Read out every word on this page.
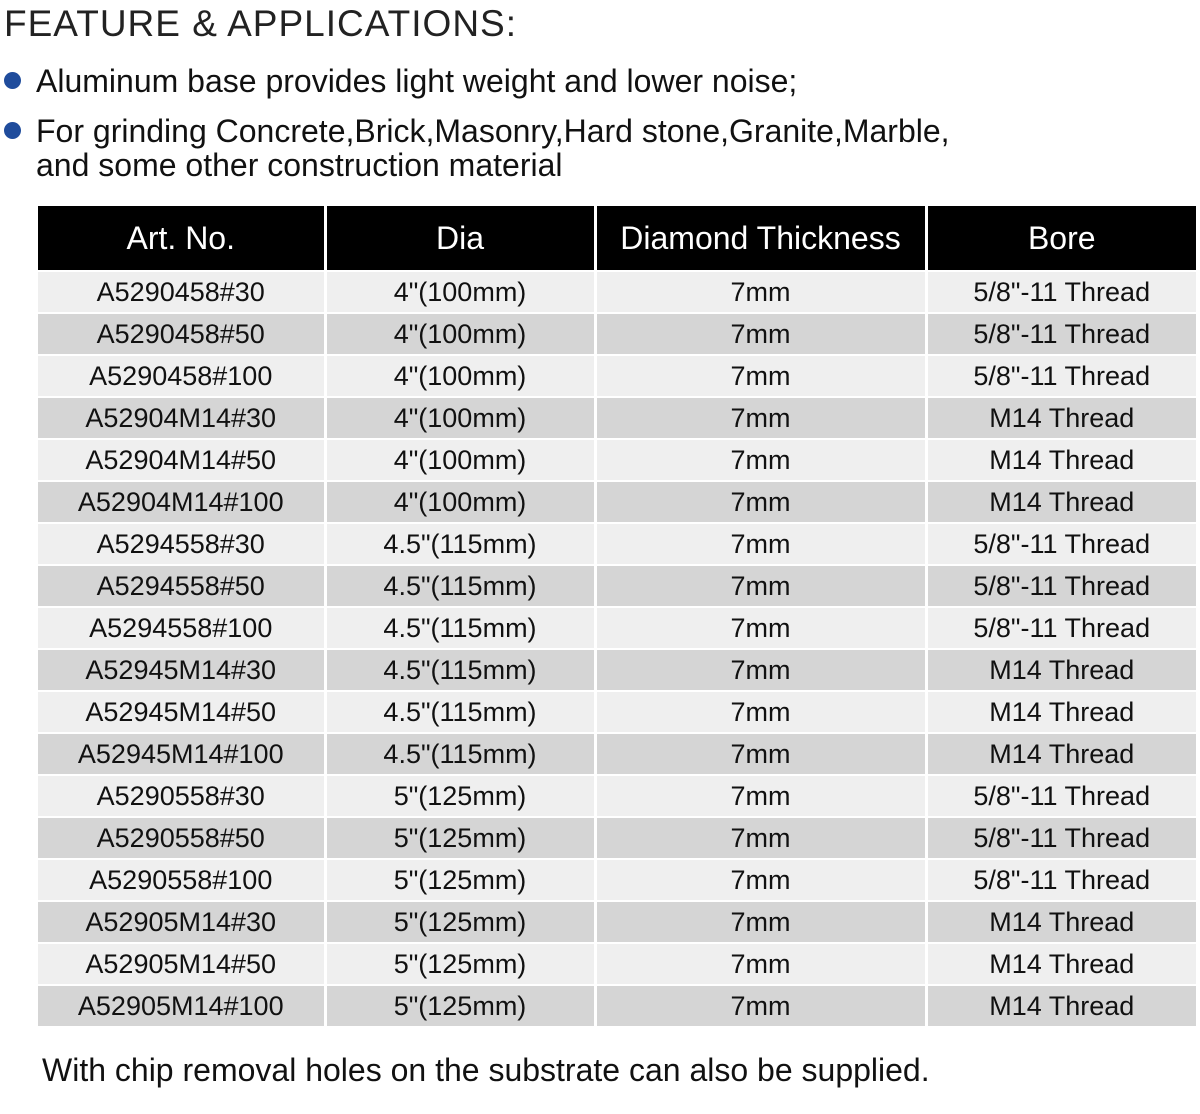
FEATURE & APPLICATIONS:
Aluminum base provides light weight and lower noise;
For grinding Concrete,Brick,Masonry,Hard stone,Granite,Marble,
and some other construction material
Art. No.	Dia	Diamond Thickness	Bore
A5290458#30	4"(100mm)	7mm	5/8"-11 Thread
A5290458#50	4"(100mm)	7mm	5/8"-11 Thread
A5290458#100	4"(100mm)	7mm	5/8"-11 Thread
A52904M14#30	4"(100mm)	7mm	M14 Thread
A52904M14#50	4"(100mm)	7mm	M14 Thread
A52904M14#100	4"(100mm)	7mm	M14 Thread
A5294558#30	4.5"(115mm)	7mm	5/8"-11 Thread
A5294558#50	4.5"(115mm)	7mm	5/8"-11 Thread
A5294558#100	4.5"(115mm)	7mm	5/8"-11 Thread
A52945M14#30	4.5"(115mm)	7mm	M14 Thread
A52945M14#50	4.5"(115mm)	7mm	M14 Thread
A52945M14#100	4.5"(115mm)	7mm	M14 Thread
A5290558#30	5"(125mm)	7mm	5/8"-11 Thread
A5290558#50	5"(125mm)	7mm	5/8"-11 Thread
A5290558#100	5"(125mm)	7mm	5/8"-11 Thread
A52905M14#30	5"(125mm)	7mm	M14 Thread
A52905M14#50	5"(125mm)	7mm	M14 Thread
A52905M14#100	5"(125mm)	7mm	M14 Thread
With chip removal holes on the substrate can also be supplied.
